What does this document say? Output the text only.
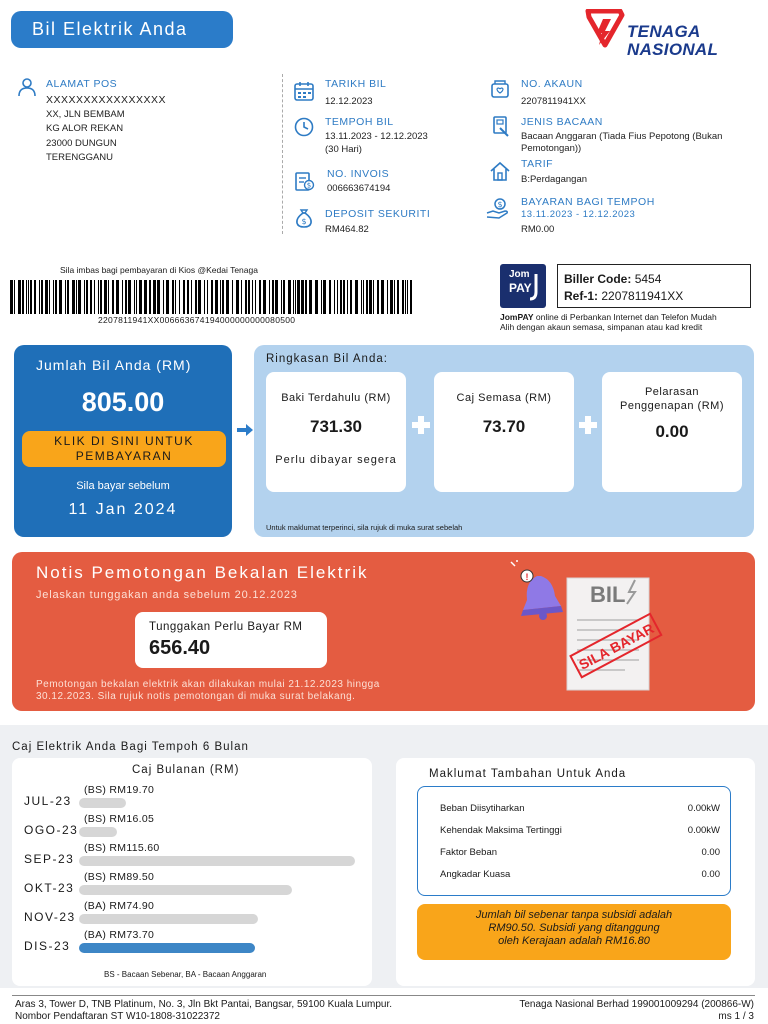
Bil Elektrik Anda	TENAGA
NASIONAL
ALAMAT POS
XXXXXXXXXXXXXXXX
XX, JLN BEMBAM
KG ALOR REKAN
23000 DUNGUN
TERENGGANU
TARIKH BIL
12.12.2023
TEMPOH BIL
13.11.2023 - 12.12.2023
(30 Hari)
$
NO. INVOIS
006663674194
$
DEPOSIT SEKURITI
RM464.82
NO. AKAUN
2207811941XX
JENIS BACAAN
Bacaan Anggaran (Tiada Fius Pepotong (Bukan
Pemotongan))
TARIF
B:Perdagangan
$ BAYARAN BAGI TEMPOH
13.11.2023 - 12.12.2023
RM0.00
Sila imbas bagi pembayaran di Kios @Kedai Tenaga
2207811941XX006663674194000000000080500
Jom
PAY
Biller Code: 5454
Ref-1: 2207811941XX
JomPAY online di Perbankan Internet dan Telefon Mudah
Alih dengan akaun semasa, simpanan atau kad kredit
Jumlah Bil Anda (RM)
805.00
KLIK DI SINI UNTUK
PEMBAYARAN
Sila bayar sebelum
11 Jan 2024
Ringkasan Bil Anda:
Baki Terdahulu (RM)
731.30
Perlu dibayar segera
Caj Semasa (RM)
73.70
Pelarasan
Penggenapan (RM)
0.00
Untuk maklumat terperinci, sila rujuk di muka surat sebelah
Notis Pemotongan Bekalan Elektrik
Jelaskan tunggakan anda sebelum 20.12.2023
Tunggakan Perlu Bayar RM
656.40
Pemotongan bekalan elektrik akan dilakukan mulai 21.12.2023 hingga 30.12.2023. Sila rujuk notis pemotongan di muka surat belakang.
BIL
SILA BAYAR
!
Caj Elektrik Anda Bagi Tempoh 6 Bulan
Caj Bulanan (RM)
JUL-23
(BS) RM19.70
OGO-23
(BS) RM16.05
SEP-23
(BS) RM115.60
OKT-23
(BS) RM89.50
NOV-23
(BA) RM74.90
DIS-23
(BA) RM73.70
BS - Bacaan Sebenar, BA - Bacaan Anggaran
Maklumat Tambahan Untuk Anda
Beban Diisytiharkan	0.00kW
Kehendak Maksima Tertinggi	0.00kW
Faktor Beban	0.00
Angkadar Kuasa	0.00
Jumlah bil sebenar tanpa subsidi adalah
RM90.50. Subsidi yang ditanggung
oleh Kerajaan adalah RM16.80
Aras 3, Tower D, TNB Platinum, No. 3, Jln Bkt Pantai, Bangsar, 59100 Kuala Lumpur.
Nombor Pendaftaran ST W10-1808-31022372
Tenaga Nasional Berhad 199001009294 (200866-W)
ms 1 / 3
